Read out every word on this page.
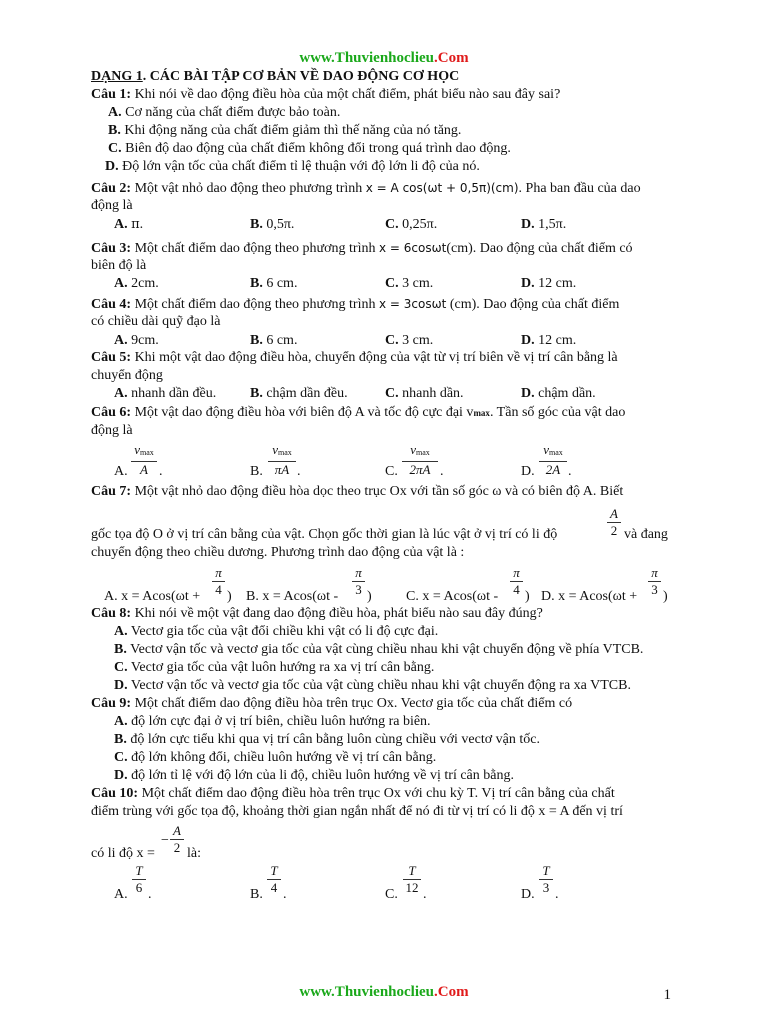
www.Thuvienhoclieu.Com
DẠNG 1. CÁC BÀI TẬP CƠ BẢN VỀ DAO ĐỘNG CƠ HỌC
Câu 1: Khi nói về dao động điều hòa của một chất điểm, phát biểu nào sau đây sai?
A. Cơ năng của chất điểm được bảo toàn.
B. Khi động năng của chất điểm giảm thì thế năng của nó tăng.
C. Biên độ dao động của chất điểm không đổi trong quá trình dao động.
D. Độ lớn vận tốc của chất điểm tỉ lệ thuận với độ lớn li độ của nó.
Câu 2: Một vật nhỏ dao động theo phương trình x = A cos(ωt + 0,5π)(cm). Pha ban đầu của dao
động là
A. π.	B. 0,5π.	C. 0,25π.	D. 1,5π.
Câu 3: Một chất điểm dao động theo phương trình x = 6cosωt(cm). Dao động của chất điểm có
biên độ là
A. 2cm.	B. 6 cm.	C. 3 cm.	D. 12 cm.
Câu 4: Một chất điểm dao động theo phương trình x = 3cosωt (cm). Dao động của chất điểm
có chiều dài quỹ đạo là
A. 9cm.	B. 6 cm.	C. 3 cm.	D. 12 cm.
Câu 5: Khi một vật dao động điều hòa, chuyển động của vật từ vị trí biên về vị trí cân bằng là
chuyển động
A. nhanh dần đều. B. chậm dần đều.	C. nhanh dần.	D. chậm dần.
Câu 6: Một vật dao động điều hòa với biên độ A và tốc độ cực đại vmax. Tần số góc của vật dao
động là
A.
vmax
A .	B.
vmax
πA .	C.
vmax
2πA .	D.
vmax
2A .
Câu 7: Một vật nhỏ dao động điều hòa dọc theo trục Ox với tần số góc ω và có biên độ A. Biết
gốc tọa độ O ở vị trí cân bằng của vật. Chọn gốc thời gian là lúc vật ở vị trí có li độ
A
2 và đang
chuyển động theo chiều dương. Phương trình dao động của vật là :
A. x = Acos(ωt +
π
4 ) B. x = Acos(ωt -
π
3 ) C. x = Acos(ωt -
π
4 ) D. x = Acos(ωt +
π
3 )
Câu 8: Khi nói về một vật đang dao động điều hòa, phát biểu nào sau đây đúng?
A. Vectơ gia tốc của vật đổi chiều khi vật có li độ cực đại.
B. Vectơ vận tốc và vectơ gia tốc của vật cùng chiều nhau khi vật chuyển động về phía VTCB.
C. Vectơ gia tốc của vật luôn hướng ra xa vị trí cân bằng.
D. Vectơ vận tốc và vectơ gia tốc của vật cùng chiều nhau khi vật chuyển động ra xa VTCB.
Câu 9: Một chất điểm dao động điều hòa trên trục Ox. Vectơ gia tốc của chất điểm có
A. độ lớn cực đại ở vị trí biên, chiều luôn hướng ra biên.
B. độ lớn cực tiểu khi qua vị trí cân bằng luôn cùng chiều với vectơ vận tốc.
C. độ lớn không đổi, chiều luôn hướng về vị trí cân bằng.
D. độ lớn tỉ lệ với độ lớn của li độ, chiều luôn hướng về vị trí cân bằng.
Câu 10: Một chất điểm dao động điều hòa trên trục Ox với chu kỳ T. Vị trí cân bằng của chất
điểm trùng với gốc tọa độ, khoảng thời gian ngắn nhất để nó đi từ vị trí có li độ x = A đến vị trí
có li độ x =
−
A
2 là:
A.
T
6 .	B.
T
4 .	C.
T
12 .	D.
T
3 .
www.Thuvienhoclieu.Com	1
